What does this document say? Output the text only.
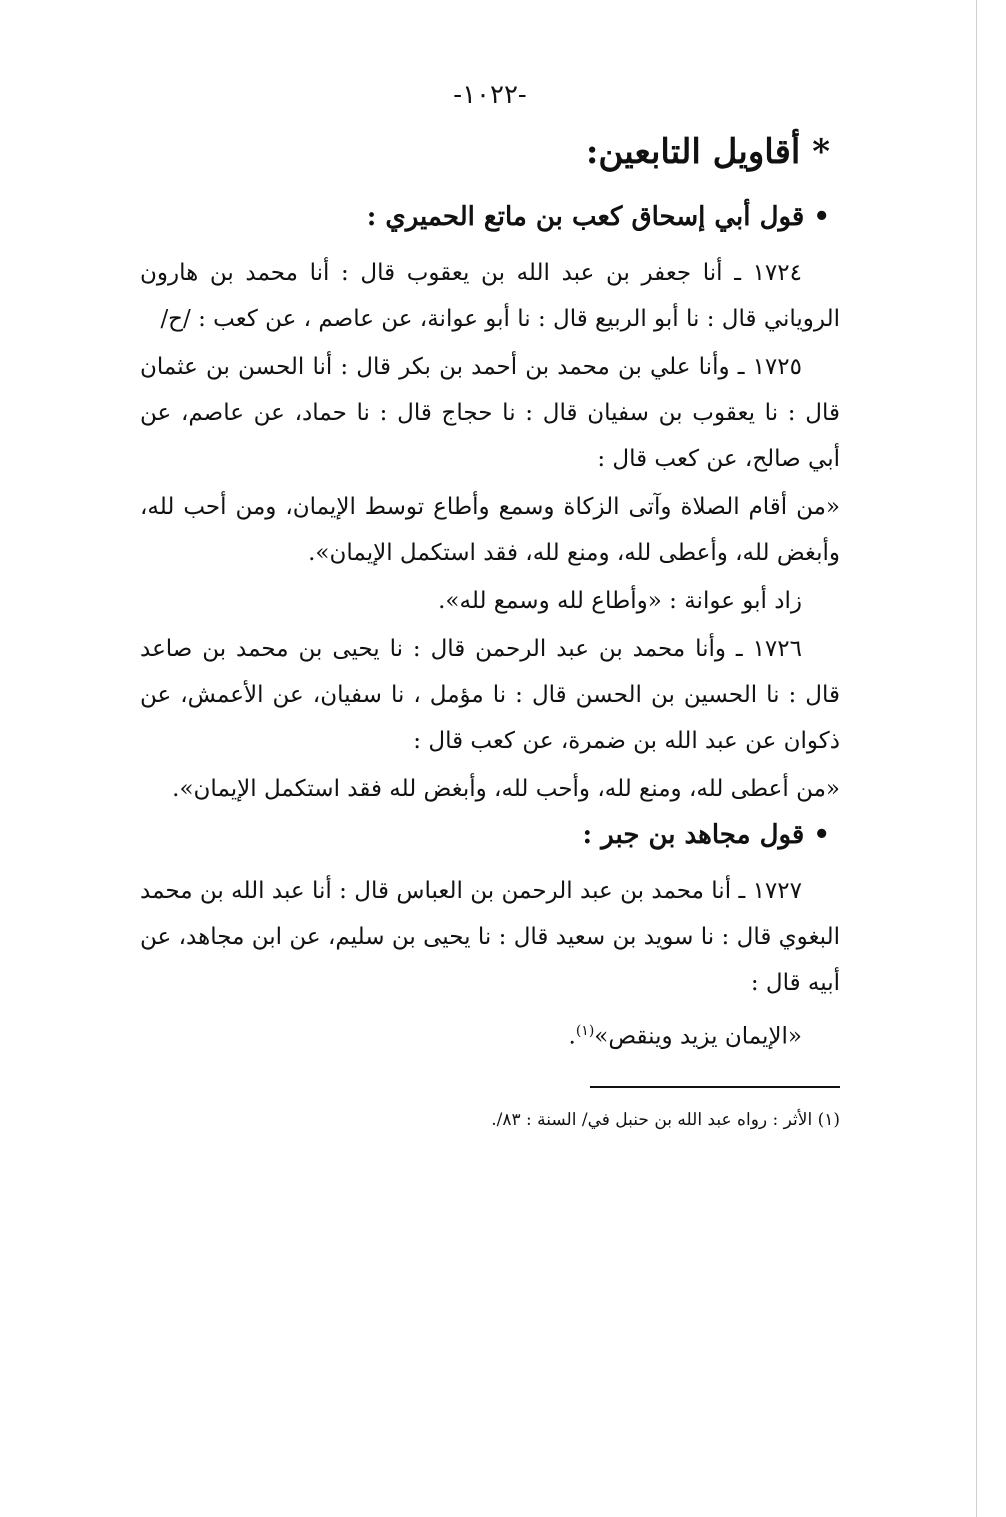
-١٠٢٢-
* أقاويل التابعين:
• قول أبي إسحاق كعب بن ماتع الحميري :

١٧٢٤ ـ أنا جعفر بن عبد الله بن يعقوب قال : أنا محمد بن هارون الروياني قال : نا أبو الربيع قال : نا أبو عوانة، عن عاصم ، عن كعب : /ح/

١٧٢٥ ـ وأنا علي بن محمد بن أحمد بن بكر قال : أنا الحسن بن عثمان قال : نا يعقوب بن سفيان قال : نا حجاج قال : نا حماد، عن عاصم، عن أبي صالح، عن كعب قال :

«من أقام الصلاة وآتى الزكاة وسمع وأطاع توسط الإيمان، ومن أحب لله، وأبغض لله، وأعطى لله، ومنع لله، فقد استكمل الإيمان».

زاد أبو عوانة : «وأطاع لله وسمع لله».

١٧٢٦ ـ وأنا محمد بن عبد الرحمن قال : نا يحيى بن محمد بن صاعد قال : نا الحسين بن الحسن قال : نا مؤمل ، نا سفيان، عن الأعمش، عن ذكوان عن عبد الله بن ضمرة، عن كعب قال :

«من أعطى لله، ومنع لله، وأحب لله، وأبغض لله فقد استكمل الإيمان».

• قول مجاهد بن جبر :

١٧٢٧ ـ أنا محمد بن عبد الرحمن بن العباس قال : أنا عبد الله بن محمد البغوي قال : نا سويد بن سعيد قال : نا يحيى بن سليم، عن ابن مجاهد، عن أبيه قال :

«الإيمان يزيد وينقص»$^{(١)}$.

(١) الأثر : رواه عبد الله بن حنبل في/ السنة : ٨٣/.
